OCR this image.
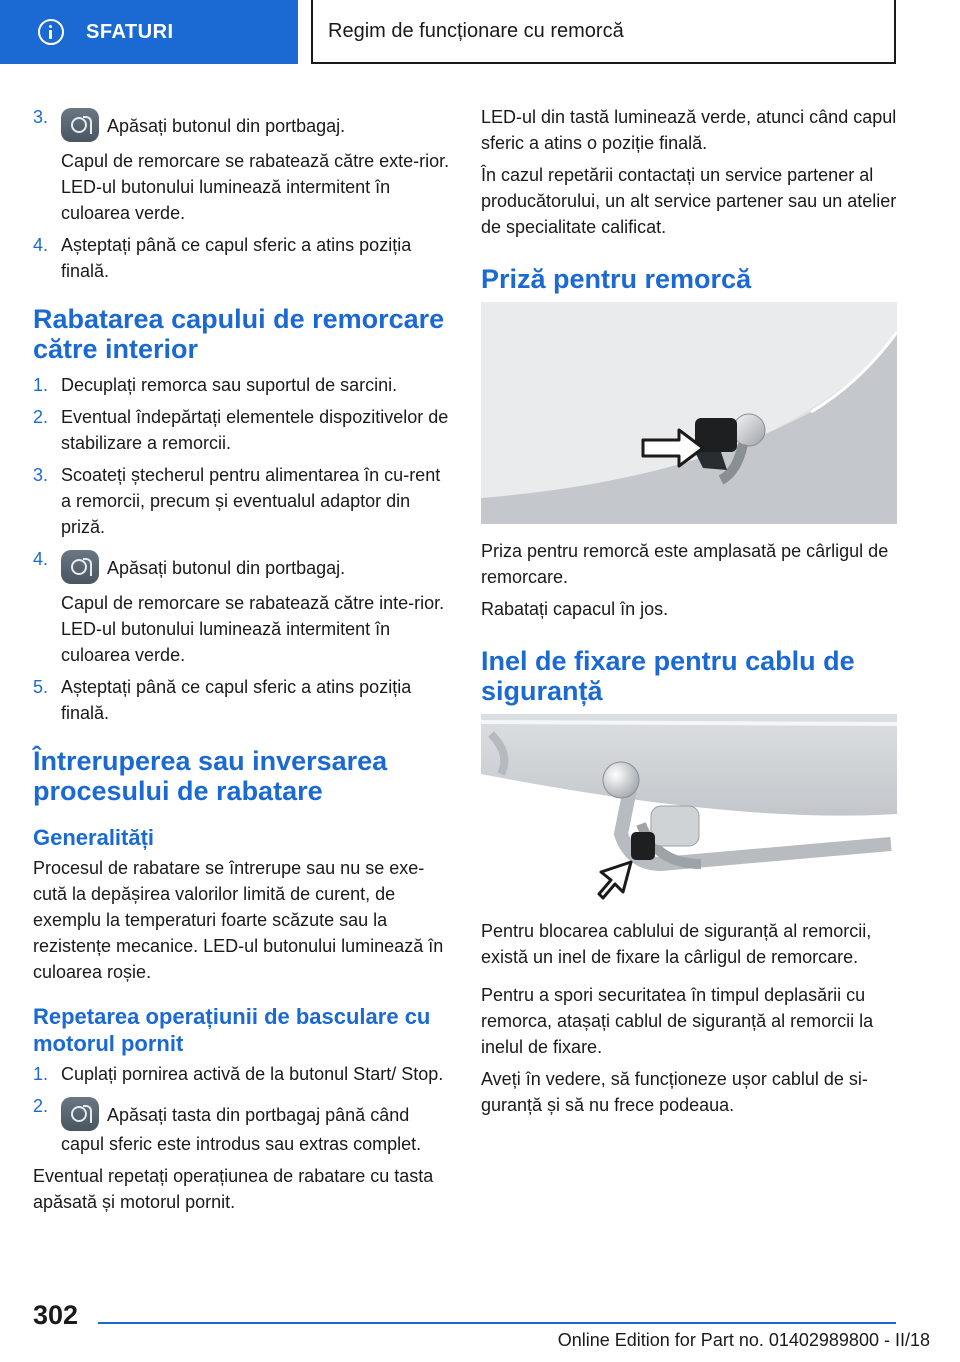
SFATURI	Regim de funcționare cu remorcă
3.	Apăsați butonul din portbagaj.

Capul de remorcare se rabatează către exte-rior. LED-ul butonului luminează intermitent în culoarea verde.

4. Așteptați până ce capul sferic a atins poziția finală.

Rabatarea capului de remorcare către interior
1. Decuplați remorca sau suportul de sarcini.

2. Eventual îndepărtați elementele dispozitivelor de stabilizare a remorcii.

3. Scoateți ștecherul pentru alimentarea în cu-rent a remorcii, precum și eventualul adaptor din priză.

4.	Apăsați butonul din portbagaj.

Capul de remorcare se rabatează către inte-rior. LED-ul butonului luminează intermitent în culoarea verde.

5. Așteptați până ce capul sferic a atins poziția finală.

Întreruperea sau inversarea procesului de rabatare
Generalități

Procesul de rabatare se întrerupe sau nu se exe-cută la depășirea valorilor limită de curent, de exemplu la temperaturi foarte scăzute sau la rezistențe mecanice. LED-ul butonului luminează în culoarea roșie.

Repetarea operațiunii de basculare cu motorul pornit
1. Cuplați pornirea activă de la butonul Start/ Stop.

2.	Apăsați tasta din portbagaj până când capul sferic este introdus sau extras complet.

Eventual repetați operațiunea de rabatare cu tasta apăsată și motorul pornit.

LED-ul din tastă luminează verde, atunci când capul sferic a atins o poziție finală.

În cazul repetării contactați un service partener al producătorului, un alt service partener sau un atelier de specialitate calificat.

Priză pentru remorcă

Priza pentru remorcă este amplasată pe cârligul de remorcare.

Rabatați capacul în jos.

Inel de fixare pentru cablu de siguranță

Pentru blocarea cablului de siguranță al remorcii, există un inel de fixare la cârligul de remorcare.

Pentru a spori securitatea în timpul deplasării cu remorca, atașați cablul de siguranță al remorcii la inelul de fixare.

Aveți în vedere, să funcționeze ușor cablul de si-guranță și să nu frece podeaua.

302
Online Edition for Part no. 01402989800 - II/18
